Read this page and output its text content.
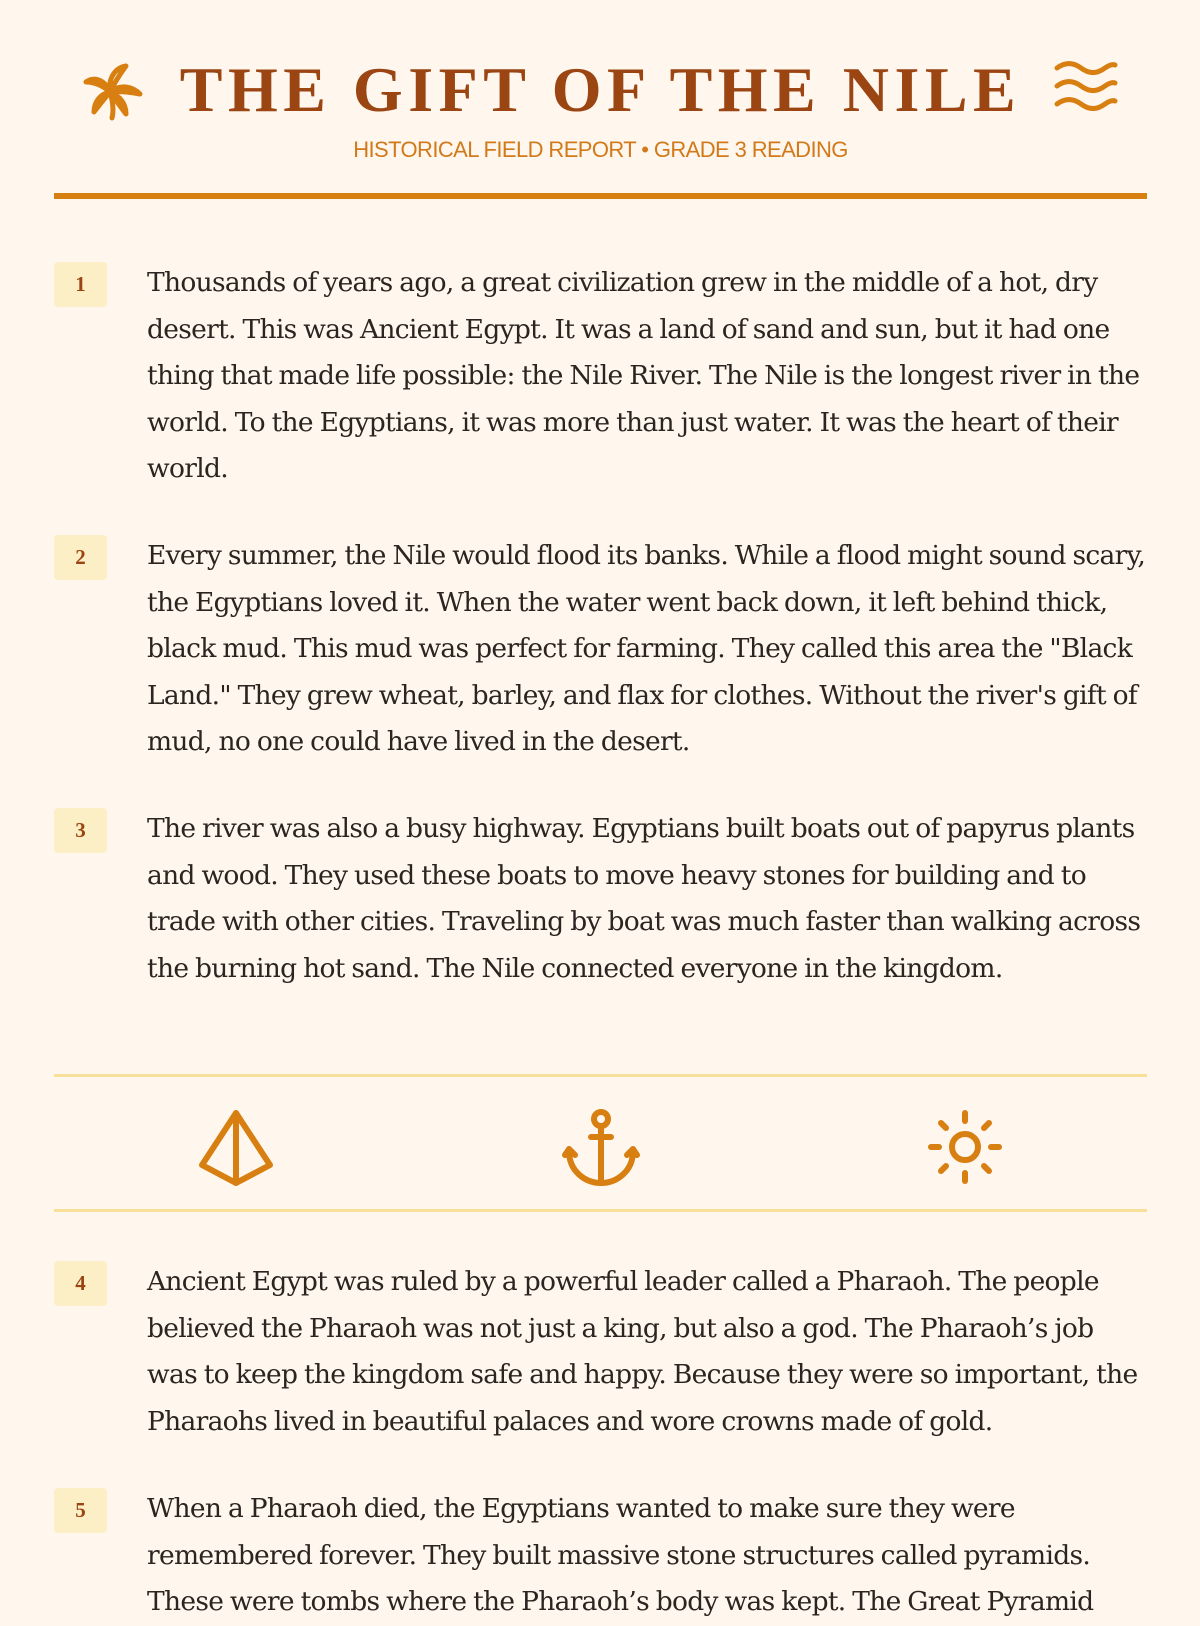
THE GIFT OF THE NILE
HISTORICAL FIELD REPORT • GRADE 3 READING
1	Thousands of years ago, a great civilization grew in the middle of a hot, dry desert. This was Ancient Egypt. It was a land of sand and sun, but it had one thing that made life possible: the Nile River. The Nile is the longest river in the world. To the Egyptians, it was more than just water. It was the heart of their world.

2	Every summer, the Nile would flood its banks. While a flood might sound scary, the Egyptians loved it. When the water went back down, it left behind thick, black mud. This mud was perfect for farming. They called this area the "Black Land." They grew wheat, barley, and flax for clothes. Without the river's gift of mud, no one could have lived in the desert.

3	The river was also a busy highway. Egyptians built boats out of papyrus plants and wood. They used these boats to move heavy stones for building and to trade with other cities. Traveling by boat was much faster than walking across the burning hot sand. The Nile connected everyone in the kingdom.

4	Ancient Egypt was ruled by a powerful leader called a Pharaoh. The people believed the Pharaoh was not just a king, but also a god. The Pharaoh’s job was to keep the kingdom safe and happy. Because they were so important, the Pharaohs lived in beautiful palaces and wore crowns made of gold.

5	When a Pharaoh died, the Egyptians wanted to make sure they were remembered forever. They built massive stone structures called pyramids. These were tombs where the Pharaoh’s body was kept. The Great Pyramid
